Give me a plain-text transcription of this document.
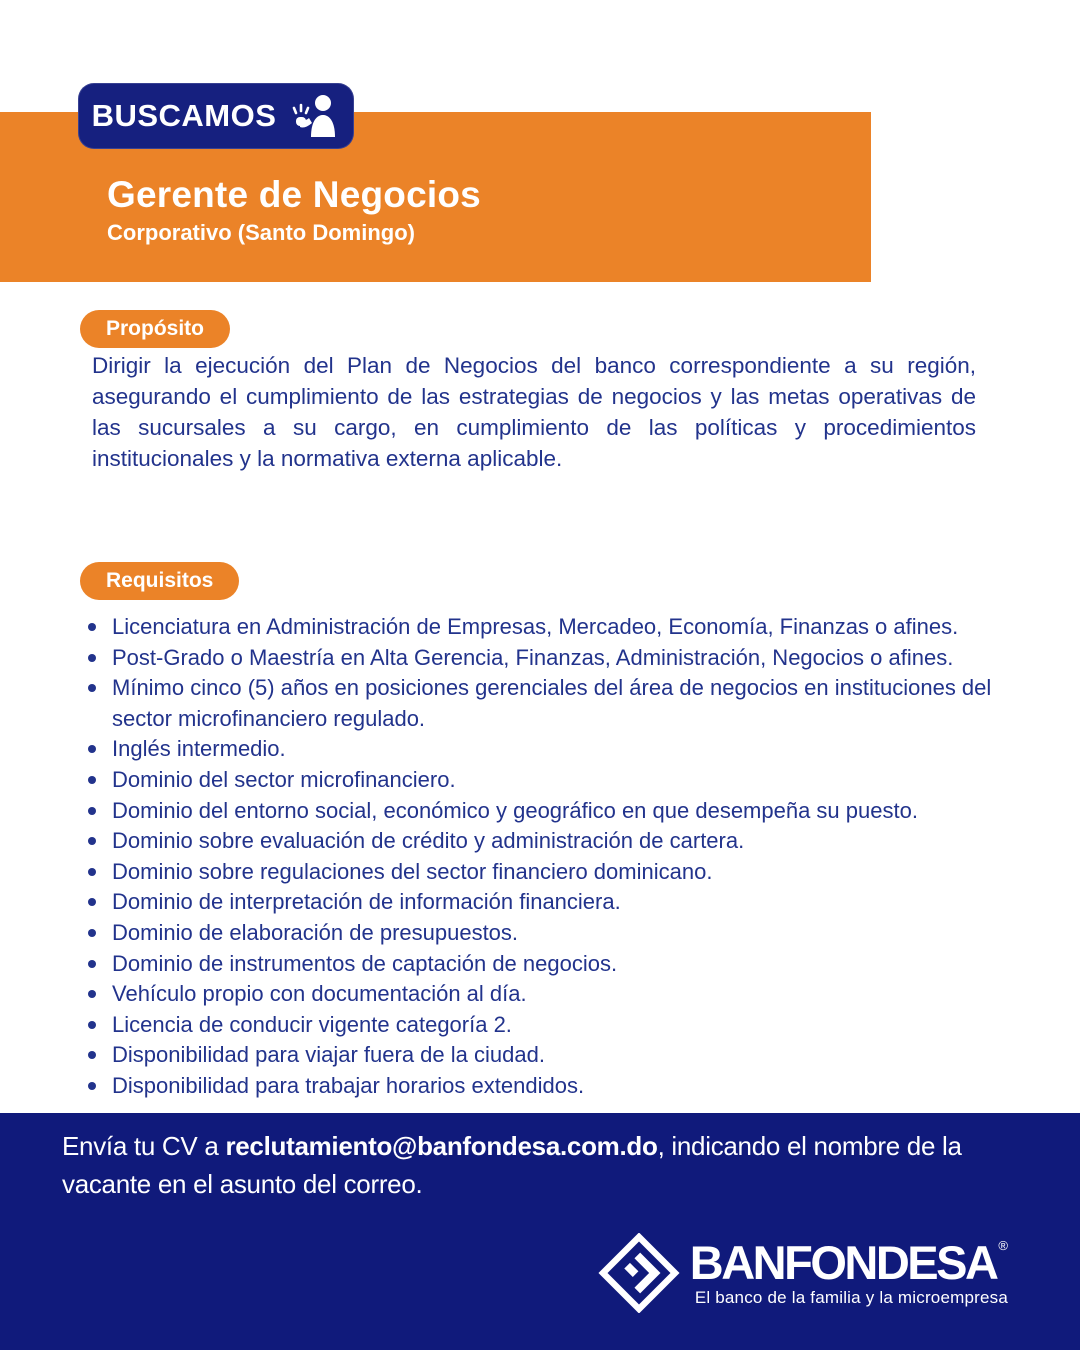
Gerente de Negocios
Corporativo (Santo Domingo)
BUSCAMOS
Propósito

Dirigir la ejecución del Plan de Negocios del banco correspondiente a su región, asegurando el cumplimiento de las estrategias de negocios y las metas operativas de las sucursales a su cargo, en cumplimiento de las políticas y procedimientos institucionales y la normativa externa aplicable.

Requisitos
Licenciatura en Administración de Empresas, Mercadeo, Economía, Finanzas o afines.
Post-Grado o Maestría en Alta Gerencia, Finanzas, Administración, Negocios o afines.
Mínimo cinco (5) años en posiciones gerenciales del área de negocios en instituciones del sector microfinanciero regulado.
Inglés intermedio.
Dominio del sector microfinanciero.
Dominio del entorno social, económico y geográfico en que desempeña su puesto.
Dominio sobre evaluación de crédito y administración de cartera.
Dominio sobre regulaciones del sector financiero dominicano.
Dominio de interpretación de información financiera.
Dominio de elaboración de presupuestos.
Dominio de instrumentos de captación de negocios.
Vehículo propio con documentación al día.
Licencia de conducir vigente categoría 2.
Disponibilidad para viajar fuera de la ciudad.
Disponibilidad para trabajar horarios extendidos.

Envía tu CV a reclutamiento@banfondesa.com.do, indicando el nombre de la vacante en el asunto del correo.

BANFONDESA ®
El banco de la familia y la microempresa
